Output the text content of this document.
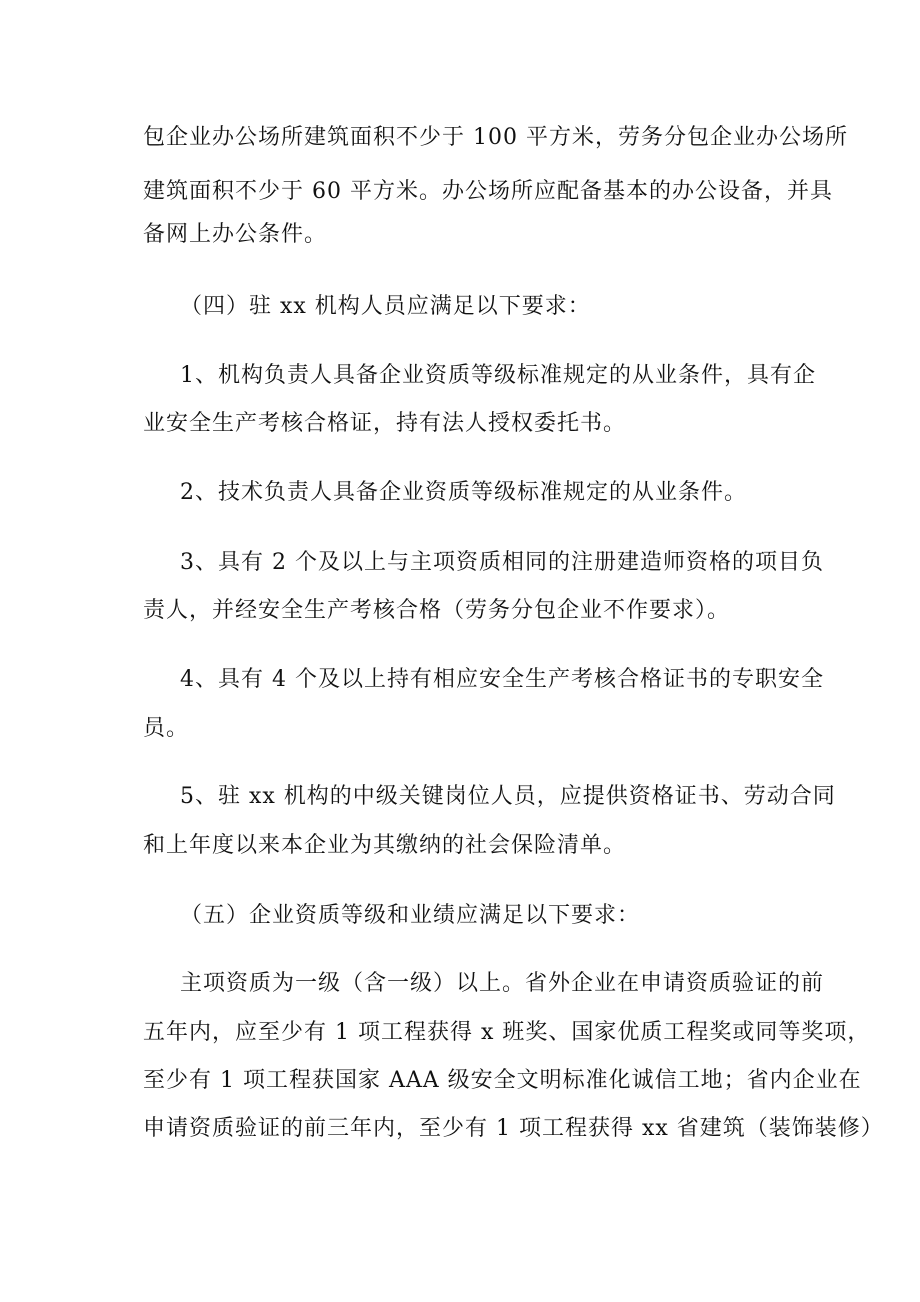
包企业办公场所建筑面积不少于 100 平方米，劳务分包企业办公场所
建筑面积不少于 60 平方米。办公场所应配备基本的办公设备，并具
备网上办公条件。
（四）驻 xx 机构人员应满足以下要求：
1、机构负责人具备企业资质等级标准规定的从业条件，具有企
业安全生产考核合格证，持有法人授权委托书。
2、技术负责人具备企业资质等级标准规定的从业条件。
3、具有 2 个及以上与主项资质相同的注册建造师资格的项目负
责人，并经安全生产考核合格（劳务分包企业不作要求）。
4、具有 4 个及以上持有相应安全生产考核合格证书的专职安全
员。
5、驻 xx 机构的中级关键岗位人员，应提供资格证书、劳动合同
和上年度以来本企业为其缴纳的社会保险清单。
（五）企业资质等级和业绩应满足以下要求：
主项资质为一级（含一级）以上。省外企业在申请资质验证的前
五年内，应至少有 1 项工程获得 x 班奖、国家优质工程奖或同等奖项，
至少有 1 项工程获国家 AAA 级安全文明标准化诚信工地；省内企业在
申请资质验证的前三年内，至少有 1 项工程获得 xx 省建筑（装饰装修）
